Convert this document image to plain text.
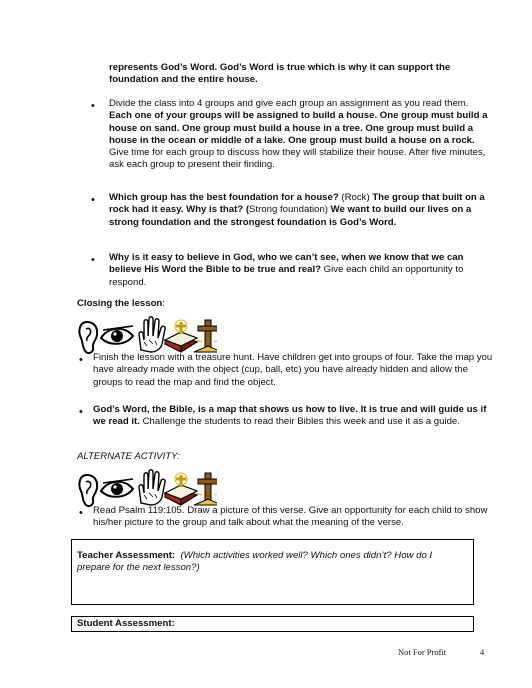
represents God’s Word. God’s Word is true which is why it can support the foundation and the entire house.
•
Divide the class into 4 groups and give each group an assignment as you read them. Each one of your groups will be assigned to build a house. One group must build a house on sand. One group must build a house in a tree. One group must build a house in the ocean or middle of a lake. One group must build a house on a rock. Give time for each group to discuss how they will stabilize their house. After five minutes, ask each group to present their finding.
•
Which group has the best foundation for a house? (Rock) The group that built on a rock had it easy. Why is that? (Strong foundation) We want to build our lives on a strong foundation and the strongest foundation is God’s Word.
•
Why is it easy to believe in God, who we can’t see, when we know that we can believe His Word the Bible to be true and real? Give each child an opportunity to respond.
Closing the lesson:
•
Finish the lesson with a treasure hunt. Have children get into groups of four. Take the map you have already made with the object (cup, ball, etc) you have already hidden and allow the groups to read the map and find the object.
•
God’s Word, the Bible, is a map that shows us how to live. It is true and will guide us if we read it. Challenge the students to read their Bibles this week and use it as a guide.
ALTERNATE ACTIVITY:
•
Read Psalm 119:105. Draw a picture of this verse. Give an opportunity for each child to show his/her picture to the group and talk about what the meaning of the verse.
Teacher Assessment: (Which activities worked well? Which ones didn’t? How do I prepare for the next lesson?)
Student Assessment:
Not For Profit	4
